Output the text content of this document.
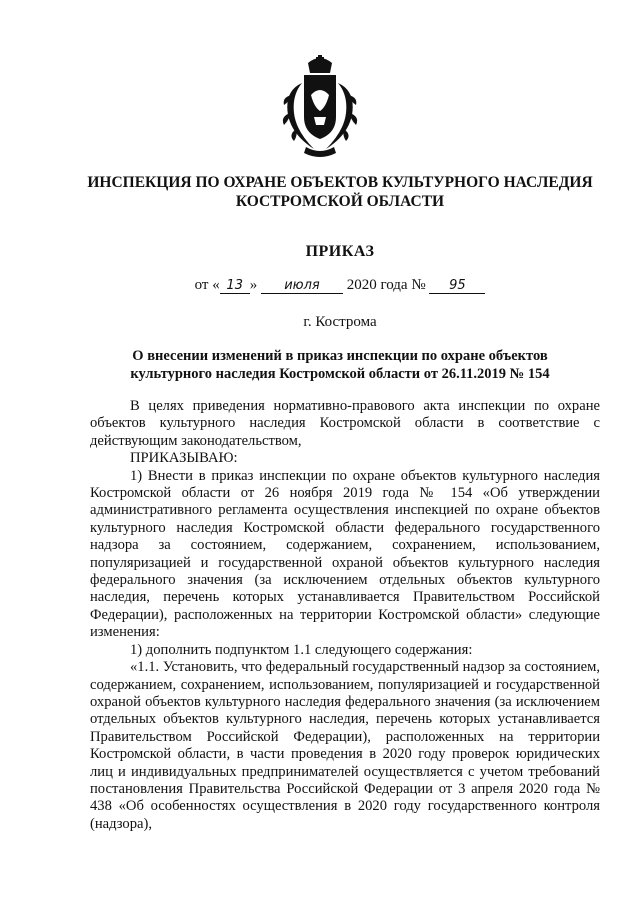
ИНСПЕКЦИЯ ПО ОХРАНЕ ОБЪЕКТОВ КУЛЬТУРНОГО НАСЛЕДИЯ
КОСТРОМСКОЙ ОБЛАСТИ
ПРИКАЗ
от « 13 » июля 2020 года № 95
г. Кострома
О внесении изменений в приказ инспекции по охране объектов
культурного наследия Костромской области от 26.11.2019 № 154

В целях приведения нормативно-правового акта инспекции по охране объектов культурного наследия Костромской области в соответствие с действующим законодательством,

ПРИКАЗЫВАЮ:

1) Внести в приказ инспекции по охране объектов культурного наследия Костромской области от 26 ноября 2019 года № 154 «Об утверждении административного регламента осуществления инспекцией по охране объектов культурного наследия Костромской области федерального государственного надзора за состоянием, содержанием, сохранением, использованием, популяризацией и государственной охраной объектов культурного наследия федерального значения (за исключением отдельных объектов культурного наследия, перечень которых устанавливается Правительством Российской Федерации), расположенных на территории Костромской области» следующие изменения:

1) дополнить подпунктом 1.1 следующего содержания:

«1.1. Установить, что федеральный государственный надзор за состоянием, содержанием, сохранением, использованием, популяризацией и государственной охраной объектов культурного наследия федерального значения (за исключением отдельных объектов культурного наследия, перечень которых устанавливается Правительством Российской Федерации), расположенных на территории Костромской области, в части проведения в 2020 году проверок юридических лиц и индивидуальных предпринимателей осуществляется с учетом требований постановления Правительства Российской Федерации от 3 апреля 2020 года № 438 «Об особенностях осуществления в 2020 году государственного контроля (надзора),
